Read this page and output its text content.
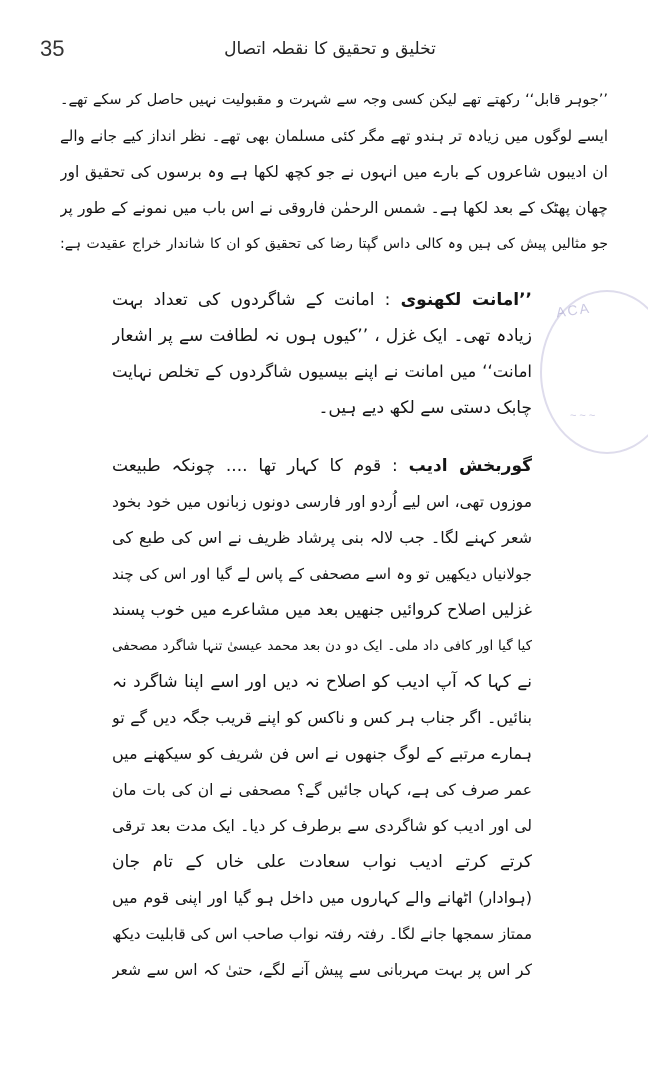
35	تخلیق و تحقیق کا نقطہ اتصال
’’جوہر قابل‘‘ رکھتے تھے لیکن کسی وجہ سے شہرت و مقبولیت نہیں حاصل کر سکے تھے۔
ایسے لوگوں میں زیادہ تر ہندو تھے مگر کئی مسلمان بھی تھے۔ نظر انداز کیے جانے والے
ان ادیبوں شاعروں کے بارے میں انہوں نے جو کچھ لکھا ہے وہ برسوں کی تحقیق اور
چھان پھٹک کے بعد لکھا ہے۔ شمس الرحمٰن فاروقی نے اس باب میں نمونے کے طور پر
جو مثالیں پیش کی ہیں وہ کالی داس گپتا رضا کی تحقیق کو ان کا شاندار خراج عقیدت ہے:
’’امانت لکھنوی : امانت کے شاگردوں کی تعداد بہت
زیادہ تھی۔ ایک غزل ، ’’کیوں ہوں نہ لطافت سے پر اشعار
امانت‘‘ میں امانت نے اپنے بیسیوں شاگردوں کے تخلص نہایت
چابک دستی سے لکھ دیے ہیں۔
گوربخش ادیب : قوم کا کہار تھا .... چونکہ طبیعت
موزوں تھی، اس لیے اُردو اور فارسی دونوں زبانوں میں خود بخود
شعر کہنے لگا۔ جب لالہ بنی پرشاد ظریف نے اس کی طبع کی
جولانیاں دیکھیں تو وہ اسے مصحفی کے پاس لے گیا اور اس کی چند
غزلیں اصلاح کروائیں جنھیں بعد میں مشاعرے میں خوب پسند
کیا گیا اور کافی داد ملی۔ ایک دو دن بعد محمد عیسیٰ تنہا شاگرد مصحفی
نے کہا کہ آپ ادیب کو اصلاح نہ دیں اور اسے اپنا شاگرد نہ
بنائیں۔ اگر جناب ہر کس و ناکس کو اپنے قریب جگہ دیں گے تو
ہمارے مرتبے کے لوگ جنھوں نے اس فن شریف کو سیکھنے میں
عمر صرف کی ہے، کہاں جائیں گے؟ مصحفی نے ان کی بات مان
لی اور ادیب کو شاگردی سے برطرف کر دیا۔ ایک مدت بعد ترقی
کرتے کرتے ادیب نواب سعادت علی خاں کے تام جان
(ہوادار) اٹھانے والے کہاروں میں داخل ہو گیا اور اپنی قوم میں
ممتاز سمجھا جانے لگا۔ رفتہ رفتہ نواب صاحب اس کی قابلیت دیکھ
کر اس پر بہت مہربانی سے پیش آنے لگے، حتیٰ کہ اس سے شعر
ACA
~~~
